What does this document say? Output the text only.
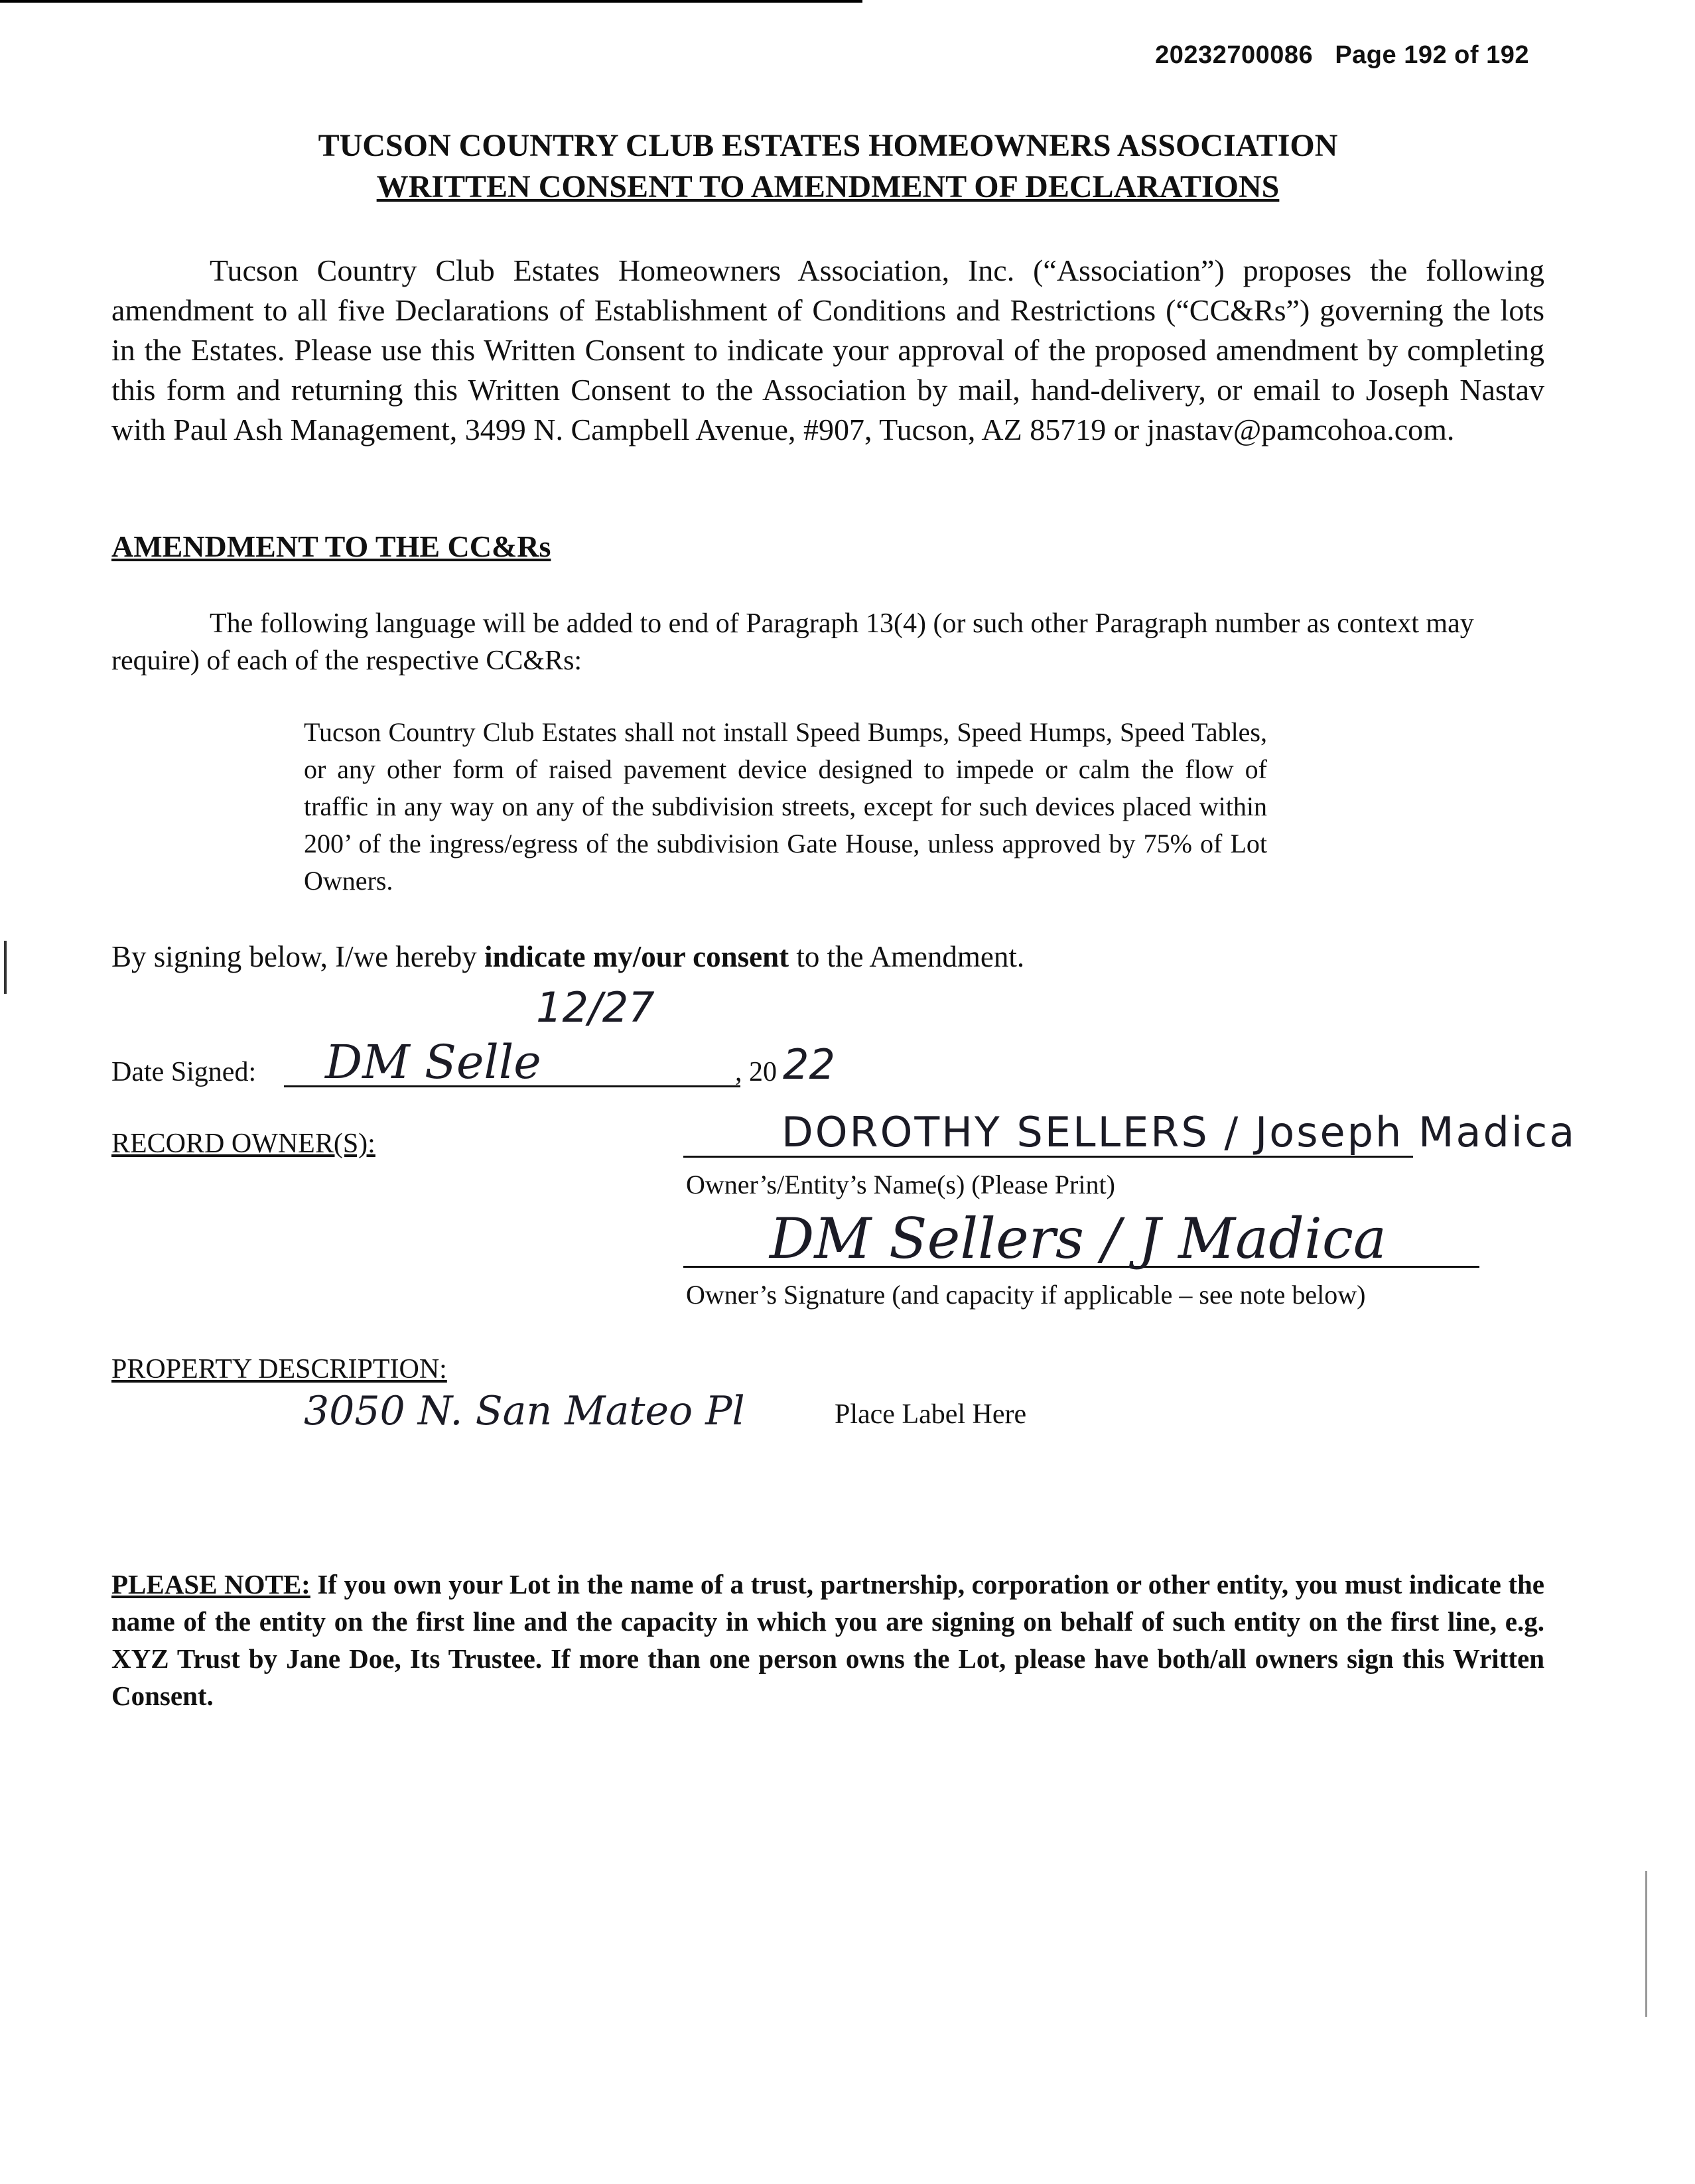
20232700086 Page 192 of 192
TUCSON COUNTRY CLUB ESTATES HOMEOWNERS ASSOCIATION
WRITTEN CONSENT TO AMENDMENT OF DECLARATIONS
Tucson Country Club Estates Homeowners Association, Inc. (“Association”) proposes the following amendment to all five Declarations of Establishment of Conditions and Restrictions (“CC&Rs”) governing the lots in the Estates. Please use this Written Consent to indicate your approval of the proposed amendment by completing this form and returning this Written Consent to the Association by mail, hand-delivery, or email to Joseph Nastav with Paul Ash Management, 3499 N. Campbell Avenue, #907, Tucson, AZ 85719 or jnastav@pamcohoa.com.
AMENDMENT TO THE CC&Rs
The following language will be added to end of Paragraph 13(4) (or such other Paragraph number as context may require) of each of the respective CC&Rs:
Tucson Country Club Estates shall not install Speed Bumps, Speed Humps, Speed Tables, or any other form of raised pavement device designed to impede or calm the flow of traffic in any way on any of the subdivision streets, except for such devices placed within 200’ of the ingress/egress of the subdivision Gate House, unless approved by 75% of Lot Owners.
By signing below, I/we hereby indicate my/our consent to the Amendment.
12/27
Date Signed: DM Selle	, 20 22
RECORD OWNER(S):	DOROTHY SELLERS / Joseph Madica
Owner’s/Entity’s Name(s) (Please Print)
DM Sellers / J Madica
Owner’s Signature (and capacity if applicable – see note below)
PROPERTY DESCRIPTION:
3050 N. San Mateo Pl	Place Label Here
PLEASE NOTE: If you own your Lot in the name of a trust, partnership, corporation or other entity, you must indicate the name of the entity on the first line and the capacity in which you are signing on behalf of such entity on the first line, e.g. XYZ Trust by Jane Doe, Its Trustee. If more than one person owns the Lot, please have both/all owners sign this Written Consent.
